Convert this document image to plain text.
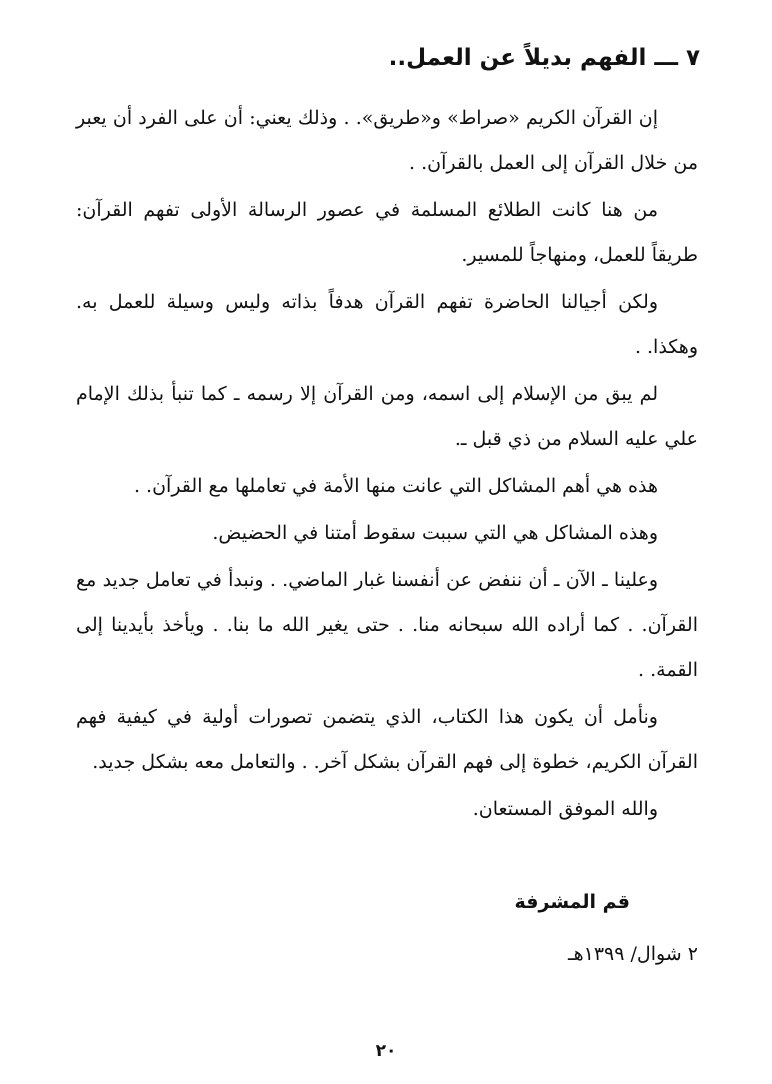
٧ ـــ الفهم بديلاً عن العمل..

إن القرآن الكريم «صراط» و«طريق». . وذلك يعني: أن على الفرد أن يعبر من خلال القرآن إلى العمل بالقرآن. .

من هنا كانت الطلائع المسلمة في عصور الرسالة الأولى تفهم القرآن: طريقاً للعمل، ومنهاجاً للمسير.

ولكن أجيالنا الحاضرة تفهم القرآن هدفاً بذاته وليس وسيلة للعمل به. وهكذا. .

لم يبق من الإسلام إلى اسمه، ومن القرآن إلا رسمه ـ كما تنبأ بذلك الإمام علي عليه السلام من ذي قبل ـ.

هذه هي أهم المشاكل التي عانت منها الأمة في تعاملها مع القرآن. .

وهذه المشاكل هي التي سببت سقوط أمتنا في الحضيض.

وعلينا ـ الآن ـ أن ننفض عن أنفسنا غبار الماضي. . ونبدأ في تعامل جديد مع القرآن. . كما أراده الله سبحانه منا. . حتى يغير الله ما بنا. . ويأخذ بأيدينا إلى القمة. .

ونأمل أن يكون هذا الكتاب، الذي يتضمن تصورات أولية في كيفية فهم القرآن الكريم، خطوة إلى فهم القرآن بشكل آخر. . والتعامل معه بشكل جديد.

والله الموفق المستعان.

قم المشرفة
٢ شوال/ ١٣٩٩هـ
٢٠
